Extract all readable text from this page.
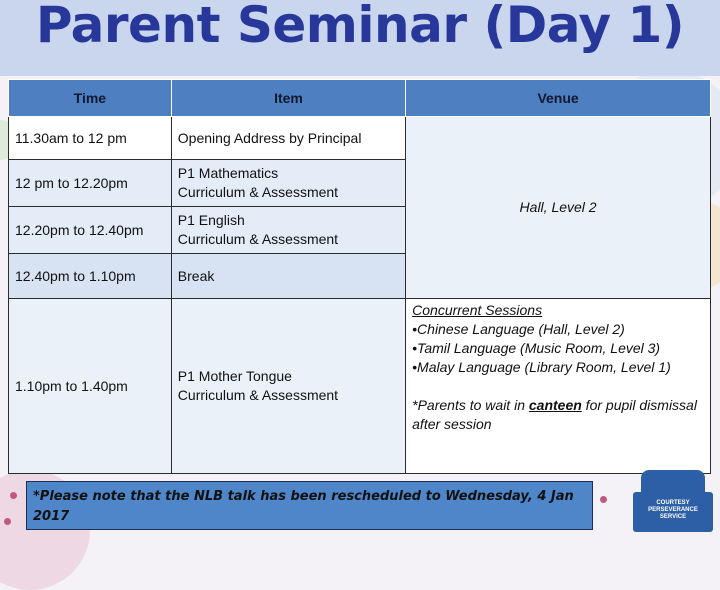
Parent Seminar (Day 1)
Time	Item	Venue
11.30am to 12 pm	Opening Address by Principal	Hall, Level 2
12 pm to 12.20pm	P1 Mathematics
Curriculum & Assessment	
12.20pm to 12.40pm	P1 English
Curriculum & Assessment	
12.40pm to 1.10pm	Break	
1.10pm to 1.40pm	P1 Mother Tongue
Curriculum & Assessment	Concurrent Sessions
•Chinese Language (Hall, Level 2)
•Tamil Language (Music Room, Level 3)
•Malay Language (Library Room, Level 1)
*Parents to wait in canteen for pupil dismissal after session
*Please note that the NLB talk has been rescheduled to Wednesday, 4 Jan 2017
COURTESY
PERSEVERANCE
SERVICE
